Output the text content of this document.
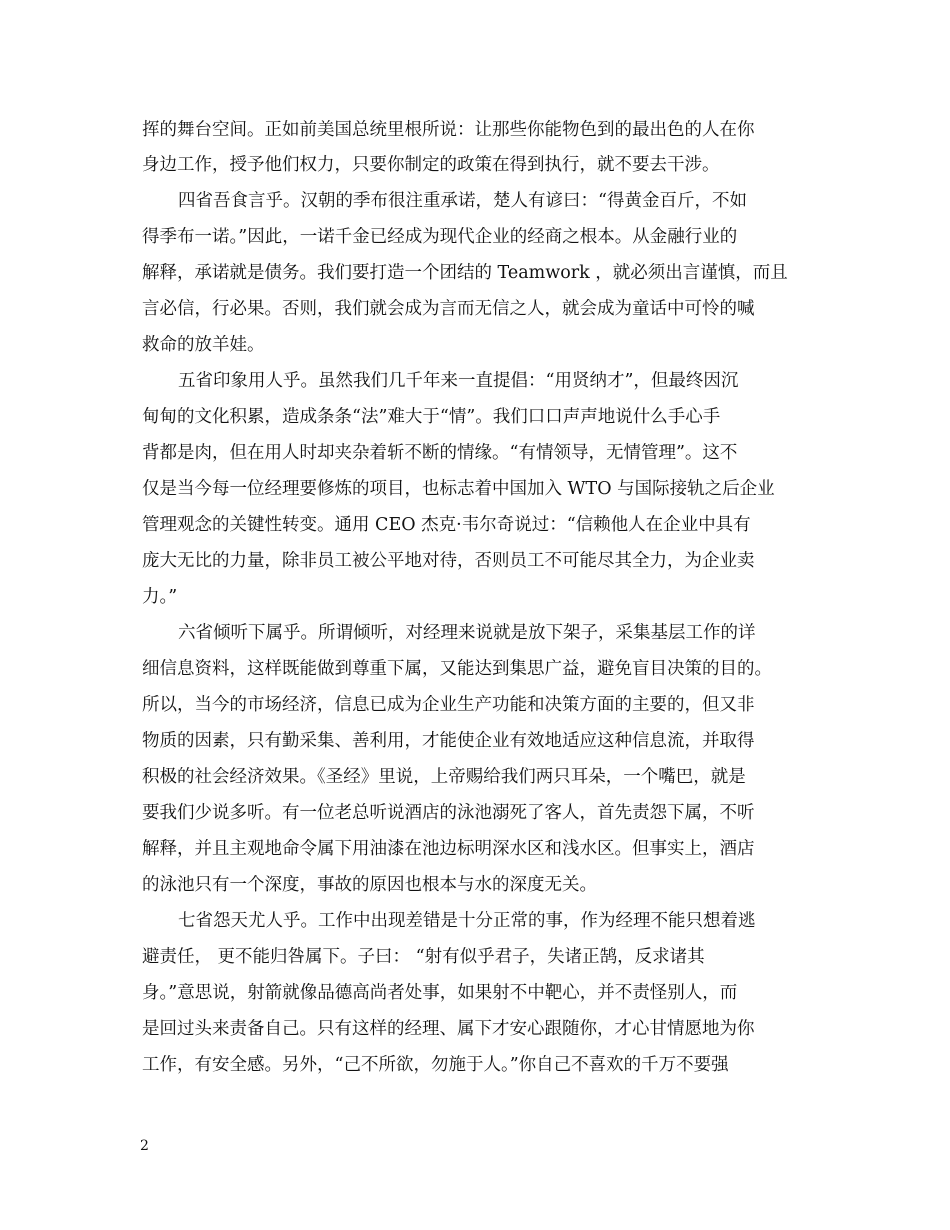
挥的舞台空间。正如前美国总统里根所说：让那些你能物色到的最出色的人在你
身边工作，授予他们权力，只要你制定的政策在得到执行，就不要去干涉。
四省吾食言乎。汉朝的季布很注重承诺，楚人有谚曰：“得黄金百斤，不如
得季布一诺。”因此，一诺千金已经成为现代企业的经商之根本。从金融行业的
解释，承诺就是债务。我们要打造一个团结的 Teamwork ，就必须出言谨慎，而且
言必信，行必果。否则，我们就会成为言而无信之人，就会成为童话中可怜的喊
救命的放羊娃。
五省印象用人乎。虽然我们几千年来一直提倡：“用贤纳才”，但最终因沉
甸甸的文化积累，造成条条“法”难大于“情”。我们口口声声地说什么手心手
背都是肉，但在用人时却夹杂着斩不断的情缘。“有情领导，无情管理”。这不
仅是当今每一位经理要修炼的项目，也标志着中国加入 WTO 与国际接轨之后企业
管理观念的关键性转变。通用 CEO 杰克·韦尔奇说过：“信赖他人在企业中具有
庞大无比的力量，除非员工被公平地对待，否则员工不可能尽其全力，为企业卖
力。”
六省倾听下属乎。所谓倾听，对经理来说就是放下架子，采集基层工作的详
细信息资料，这样既能做到尊重下属，又能达到集思广益，避免盲目决策的目的。
所以，当今的市场经济，信息已成为企业生产功能和决策方面的主要的，但又非
物质的因素，只有勤采集、善利用，才能使企业有效地适应这种信息流，并取得
积极的社会经济效果。《圣经》里说，上帝赐给我们两只耳朵，一个嘴巴，就是
要我们少说多听。有一位老总听说酒店的泳池溺死了客人，首先责怨下属，不听
解释，并且主观地命令属下用油漆在池边标明深水区和浅水区。但事实上，酒店
的泳池只有一个深度，事故的原因也根本与水的深度无关。
七省怨天尤人乎。工作中出现差错是十分正常的事，作为经理不能只想着逃
避责任， 更不能归咎属下。子曰： “射有似乎君子，失诸正鹄，反求诸其
身。”意思说，射箭就像品德高尚者处事，如果射不中靶心，并不责怪别人，而
是回过头来责备自己。只有这样的经理、属下才安心跟随你，才心甘情愿地为你
工作，有安全感。另外，“己不所欲，勿施于人。”你自己不喜欢的千万不要强
2
